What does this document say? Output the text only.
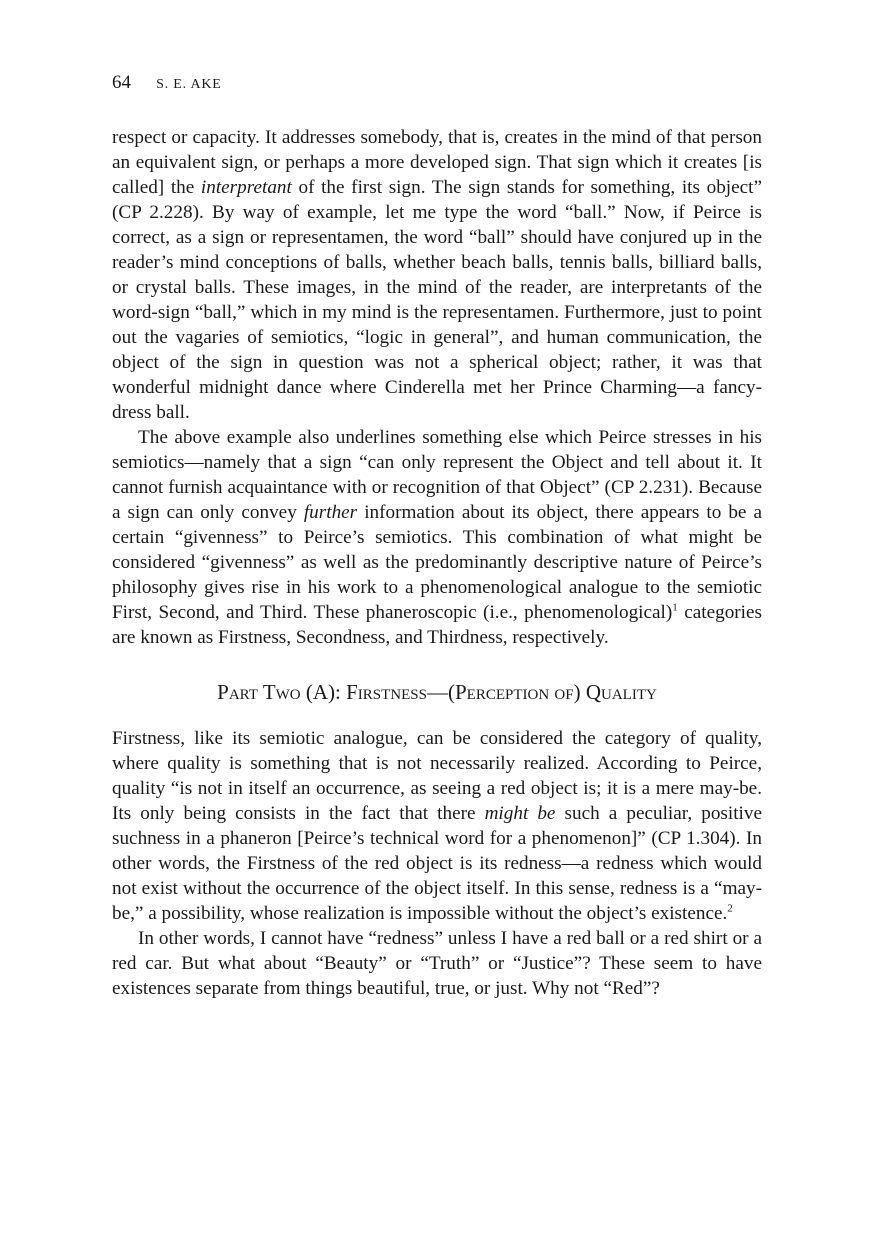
64 S. E. AKE

respect or capacity. It addresses somebody, that is, creates in the mind of that person an equivalent sign, or perhaps a more developed sign. That sign which it creates [is called] the interpretant of the first sign. The sign stands for something, its object” (CP 2.228). By way of example, let me type the word “ball.” Now, if Peirce is correct, as a sign or representamen, the word “ball” should have conjured up in the reader’s mind conceptions of balls, whether beach balls, tennis balls, billiard balls, or crystal balls. These images, in the mind of the reader, are interpretants of the word-sign “ball,” which in my mind is the representamen. Furthermore, just to point out the vagaries of semiotics, “logic in general”, and human communication, the object of the sign in question was not a spherical object; rather, it was that wonderful midnight dance where Cinderella met her Prince Charming—a fancy-dress ball.

The above example also underlines something else which Peirce stresses in his semiotics—namely that a sign “can only represent the Object and tell about it. It cannot furnish acquaintance with or recognition of that Object” (CP 2.231). Because a sign can only convey further information about its object, there appears to be a certain “givenness” to Peirce’s semiotics. This combination of what might be considered “givenness” as well as the predominantly descriptive nature of Peirce’s philosophy gives rise in his work to a phenomenological analogue to the semiotic First, Second, and Third. These phaneroscopic (i.e., phenomenological)$^1$ categories are known as Firstness, Secondness, and Thirdness, respectively.

Part Two (A): Firstness—(Perception of) Quality

Firstness, like its semiotic analogue, can be considered the category of quality, where quality is something that is not necessarily realized. According to Peirce, quality “is not in itself an occurrence, as seeing a red object is; it is a mere may-be. Its only being consists in the fact that there might be such a peculiar, positive suchness in a phaneron [Peirce’s technical word for a phenomenon]” (CP 1.304). In other words, the Firstness of the red object is its redness—a redness which would not exist without the occurrence of the object itself. In this sense, redness is a “may-be,” a possibility, whose realization is impossible without the object’s existence.$^2$

In other words, I cannot have “redness” unless I have a red ball or a red shirt or a red car. But what about “Beauty” or “Truth” or “Justice”? These seem to have existences separate from things beautiful, true, or just. Why not “Red”?
